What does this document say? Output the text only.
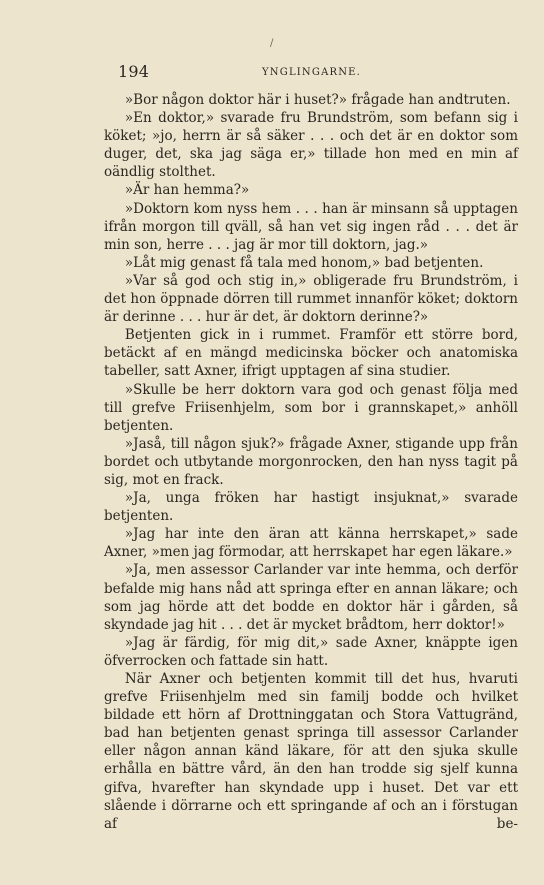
/
194	YNGLINGARNE.

»Bor någon doktor här i huset?» frågade han andtruten.

»En doktor,» svarade fru Brundström, som befann sig i köket; »jo, herrn är så säker . . . och det är en doktor som duger, det, ska jag säga er,» tillade hon med en min af oändlig stolthet.

»Är han hemma?»

»Doktorn kom nyss hem . . . han är minsann så upptagen ifrån morgon till qväll, så han vet sig ingen råd . . . det är min son, herre . . . jag är mor till doktorn, jag.»

»Låt mig genast få tala med honom,» bad betjenten.

»Var så god och stig in,» obligerade fru Brundström, i det hon öppnade dörren till rummet innanför köket; doktorn är derinne . . . hur är det, är doktorn derinne?»

Betjenten gick in i rummet. Framför ett större bord, betäckt af en mängd medicinska böcker och anatomiska tabeller, satt Axner, ifrigt upptagen af sina studier.

»Skulle be herr doktorn vara god och genast följa med till grefve Friisenhjelm, som bor i grannskapet,» anhöll betjenten.

»Jaså, till någon sjuk?» frågade Axner, stigande upp från bordet och utbytande morgonrocken, den han nyss tagit på sig, mot en frack.

»Ja, unga fröken har hastigt insjuknat,» svarade betjenten.

»Jag har inte den äran att känna herrskapet,» sade Axner, »men jag förmodar, att herrskapet har egen läkare.»

»Ja, men assessor Carlander var inte hemma, och derför befalde mig hans nåd att springa efter en annan läkare; och som jag hörde att det bodde en doktor här i gården, så skyndade jag hit . . . det är mycket brådtom, herr doktor!»

»Jag är färdig, för mig dit,» sade Axner, knäppte igen öfverrocken och fattade sin hatt.

När Axner och betjenten kommit till det hus, hvaruti grefve Friisenhjelm med sin familj bodde och hvilket bildade ett hörn af Drottninggatan och Stora Vattugränd, bad han betjenten genast springa till assessor Carlander eller någon annan känd läkare, för att den sjuka skulle erhålla en bättre vård, än den han trodde sig sjelf kunna gifva, hvarefter han skyndade upp i huset. Det var ett slående i dörrarne och ett springande af och an i förstugan af be-
